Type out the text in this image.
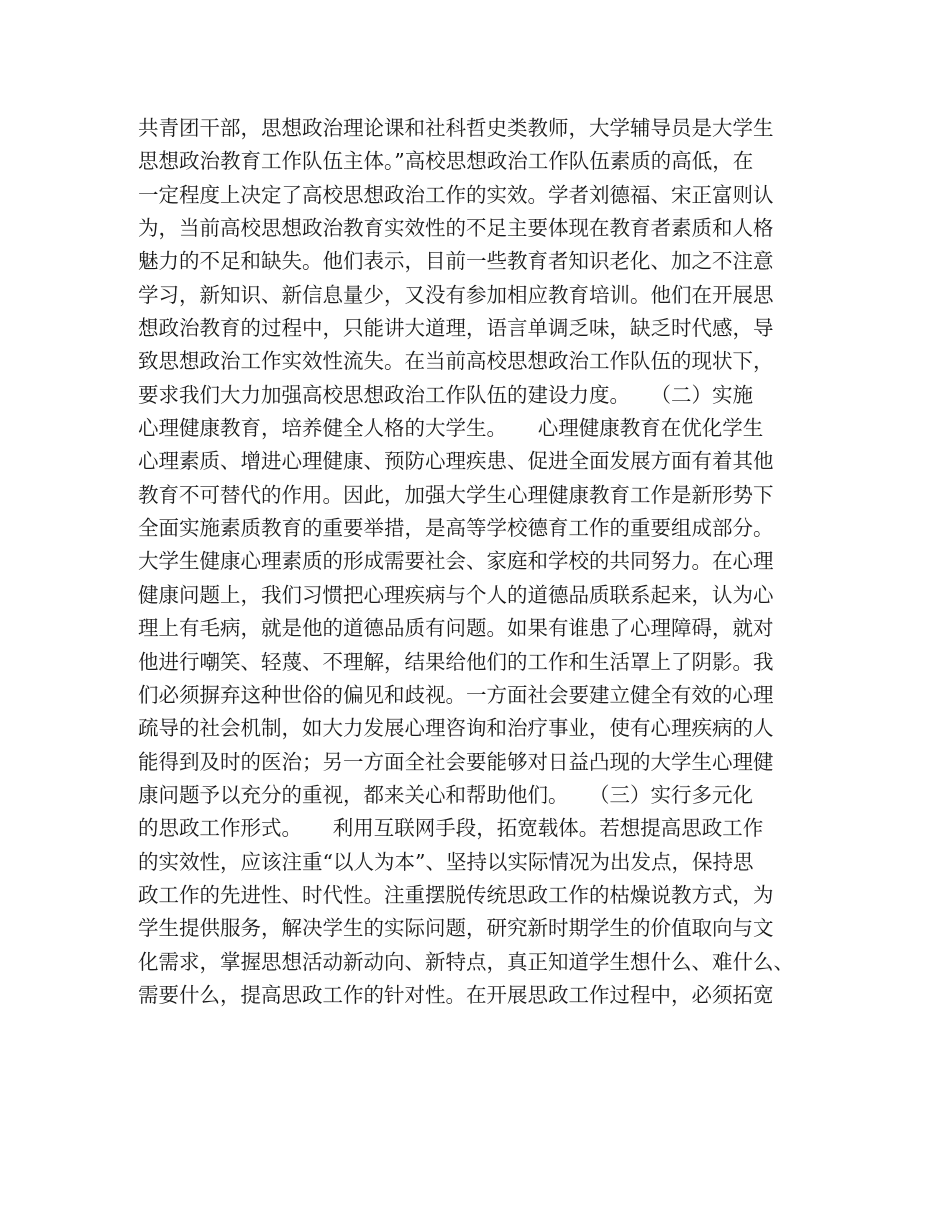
共青团干部，思想政治理论课和社科哲史类教师，大学辅导员是大学生
思想政治教育工作队伍主体。”高校思想政治工作队伍素质的高低，在
一定程度上决定了高校思想政治工作的实效。学者刘德福、宋正富则认
为，当前高校思想政治教育实效性的不足主要体现在教育者素质和人格
魅力的不足和缺失。他们表示，目前一些教育者知识老化、加之不注意
学习，新知识、新信息量少，又没有参加相应教育培训。他们在开展思
想政治教育的过程中，只能讲大道理，语言单调乏味，缺乏时代感，导
致思想政治工作实效性流失。在当前高校思想政治工作队伍的现状下，
要求我们大力加强高校思想政治工作队伍的建设力度。　　（二）实施
心理健康教育，培养健全人格的大学生。　　心理健康教育在优化学生
心理素质、增进心理健康、预防心理疾患、促进全面发展方面有着其他
教育不可替代的作用。因此，加强大学生心理健康教育工作是新形势下
全面实施素质教育的重要举措，是高等学校德育工作的重要组成部分。
大学生健康心理素质的形成需要社会、家庭和学校的共同努力。在心理
健康问题上，我们习惯把心理疾病与个人的道德品质联系起来，认为心
理上有毛病，就是他的道德品质有问题。如果有谁患了心理障碍，就对
他进行嘲笑、轻蔑、不理解，结果给他们的工作和生活罩上了阴影。我
们必须摒弃这种世俗的偏见和歧视。一方面社会要建立健全有效的心理
疏导的社会机制，如大力发展心理咨询和治疗事业，使有心理疾病的人
能得到及时的医治；另一方面全社会要能够对日益凸现的大学生心理健
康问题予以充分的重视，都来关心和帮助他们。　　（三）实行多元化
的思政工作形式。　　利用互联网手段，拓宽载体。若想提高思政工作
的实效性，应该注重“以人为本”、坚持以实际情况为出发点，保持思
政工作的先进性、时代性。注重摆脱传统思政工作的枯燥说教方式，为
学生提供服务，解决学生的实际问题，研究新时期学生的价值取向与文
化需求，掌握思想活动新动向、新特点，真正知道学生想什么、难什么、
需要什么，提高思政工作的针对性。在开展思政工作过程中，必须拓宽
